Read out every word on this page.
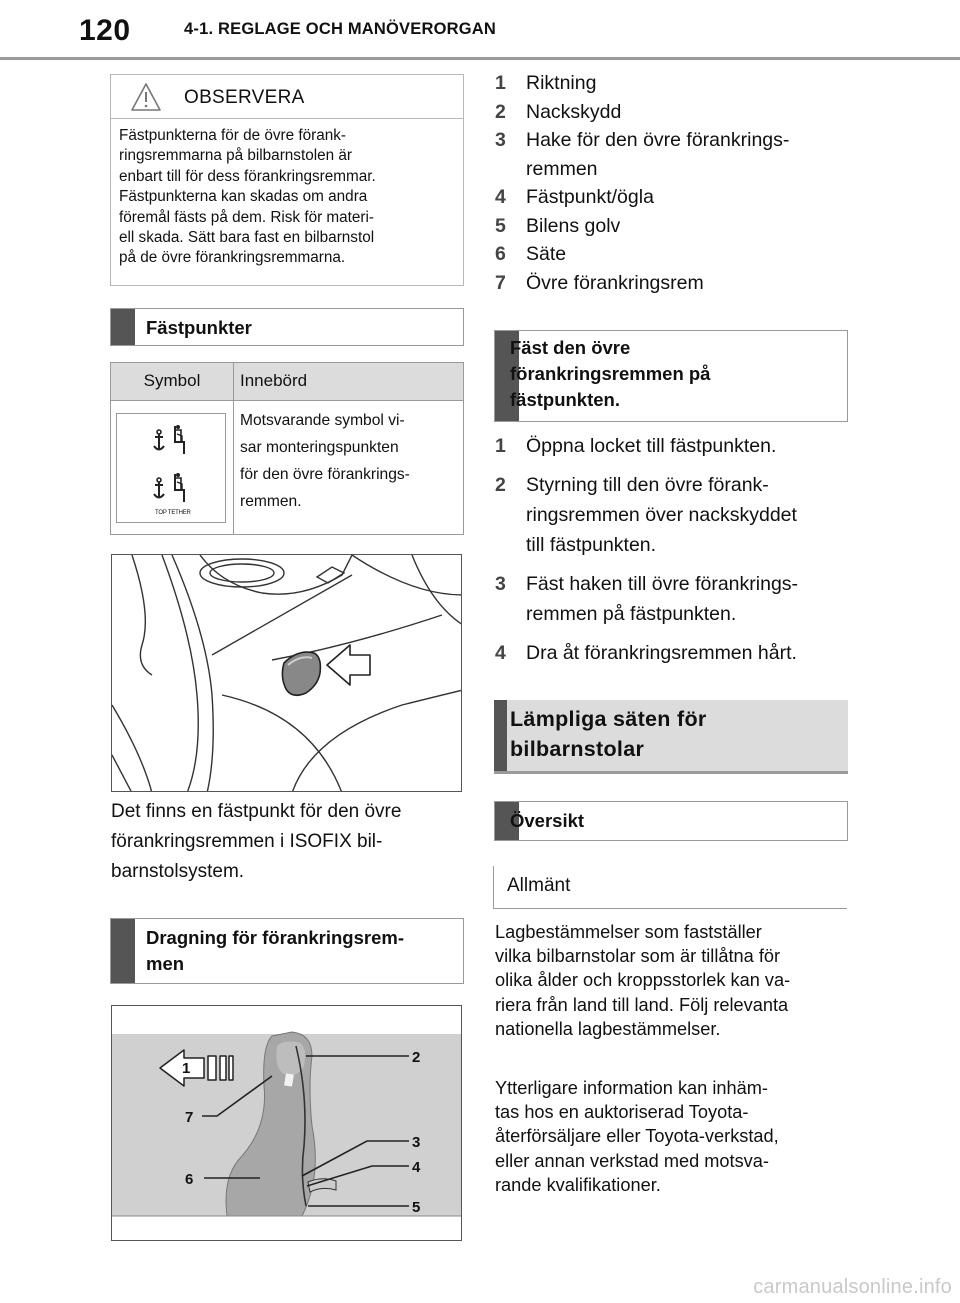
120	4-1. REGLAGE OCH MANÖVERORGAN
OBSERVERA
Fästpunkterna för de övre förank-
ringsremmarna på bilbarnstolen är
enbart till för dess förankringsremmar.
Fästpunkterna kan skadas om andra
föremål fästs på dem. Risk för materi-
ell skada. Sätt bara fast en bilbarnstol
på de övre förankringsremmarna.
Fästpunkter
Symbol	Innebörd
TOP TETHER
Motsvarande symbol vi-
sar monteringspunkten
för den övre förankrings-
remmen.
Det finns en fästpunkt för den övre
förankringsremmen i ISOFIX bil-
barnstolsystem.
Dragning för förankringsrem-
men
1
2
3
4
5
6
7
1 Riktning
2 Nackskydd
3 Hake för den övre förankrings-
remmen
4 Fästpunkt/ögla
5 Bilens golv
6 Säte
7 Övre förankringsrem
Fäst den övre
förankringsremmen på
fästpunkten.
1 Öppna locket till fästpunkten.
2 Styrning till den övre förank-
ringsremmen över nackskyddet
till fästpunkten.
3 Fäst haken till övre förankrings-
remmen på fästpunkten.
4 Dra åt förankringsremmen hårt.
Lämpliga säten för
bilbarnstolar
Översikt
Allmänt
Lagbestämmelser som fastställer
vilka bilbarnstolar som är tillåtna för
olika ålder och kroppsstorlek kan va-
riera från land till land. Följ relevanta
nationella lagbestämmelser.
Ytterligare information kan inhäm-
tas hos en auktoriserad Toyota-
återförsäljare eller Toyota-verkstad,
eller annan verkstad med motsva-
rande kvalifikationer.
carmanualsonline.info
